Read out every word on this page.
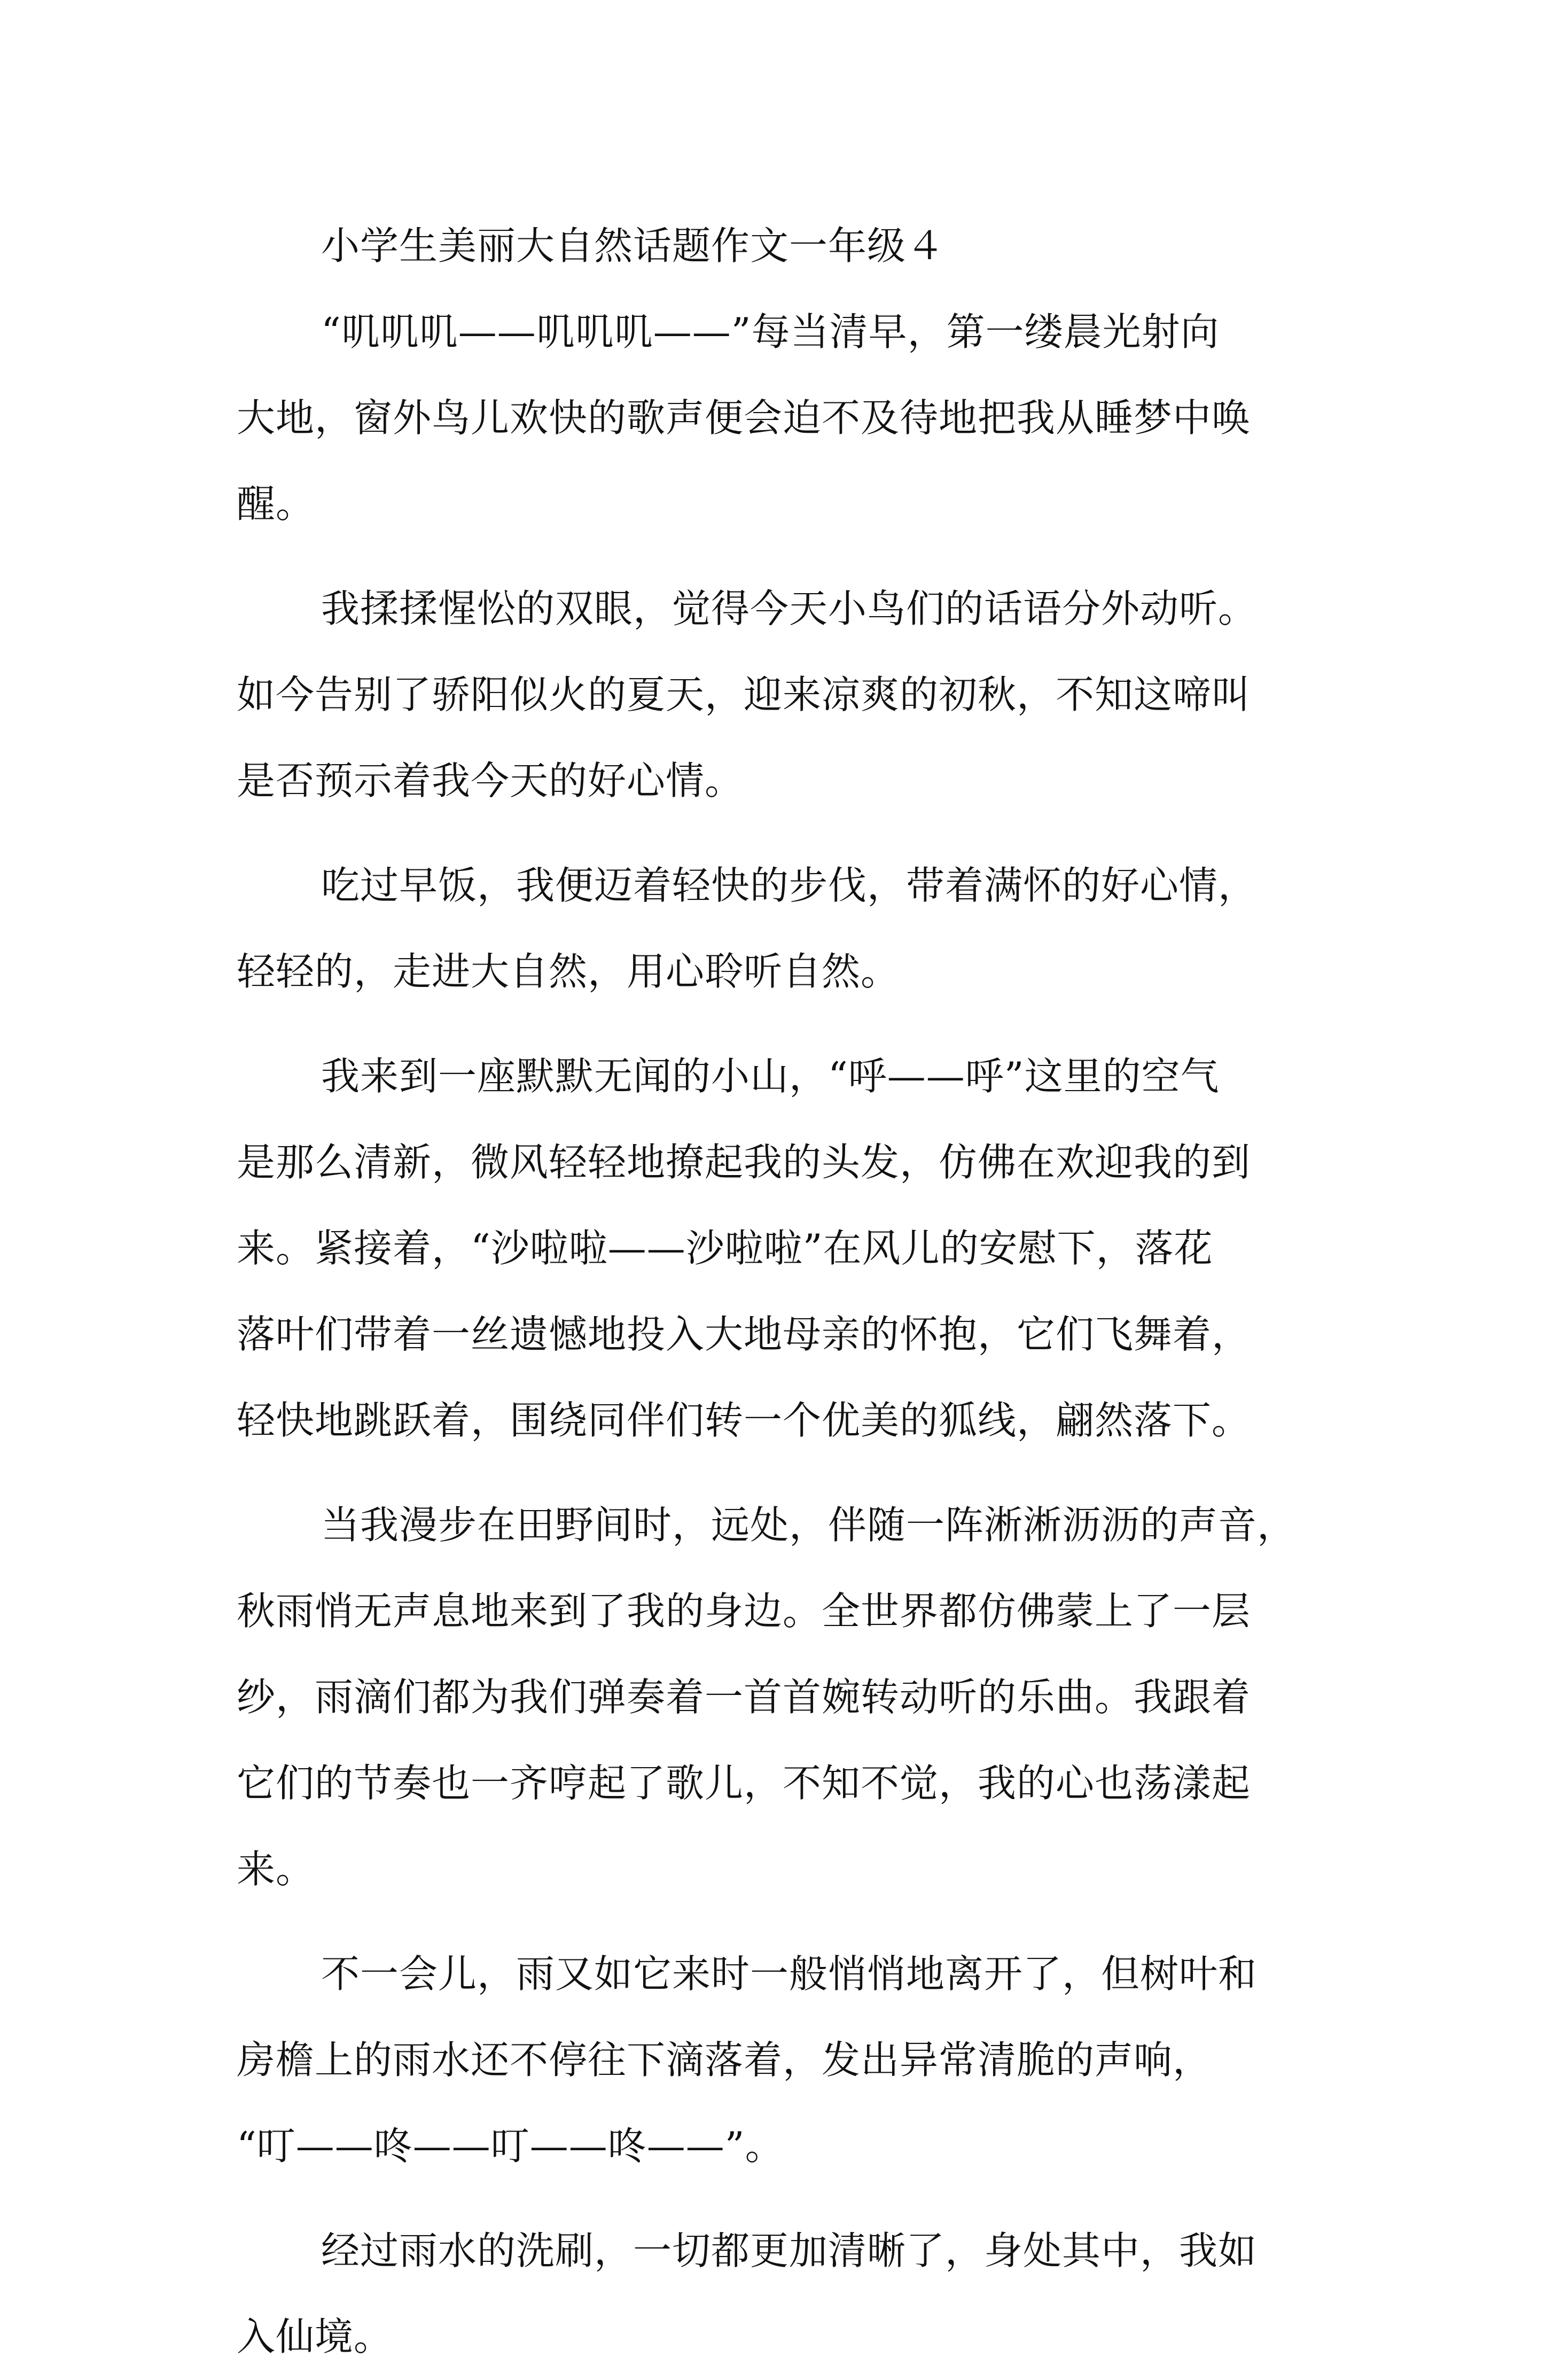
小学生美丽大自然话题作文一年级４
“叽叽叽——叽叽叽——”每当清早，第一缕晨光射向
大地，窗外鸟儿欢快的歌声便会迫不及待地把我从睡梦中唤
醒。
我揉揉惺忪的双眼，觉得今天小鸟们的话语分外动听。
如今告别了骄阳似火的夏天，迎来凉爽的初秋，不知这啼叫
是否预示着我今天的好心情。
吃过早饭，我便迈着轻快的步伐，带着满怀的好心情，
轻轻的，走进大自然，用心聆听自然。
我来到一座默默无闻的小山，“呼——呼”这里的空气
是那么清新，微风轻轻地撩起我的头发，仿佛在欢迎我的到
来。紧接着，“沙啦啦——沙啦啦”在风儿的安慰下，落花
落叶们带着一丝遗憾地投入大地母亲的怀抱，它们飞舞着，
轻快地跳跃着，围绕同伴们转一个优美的狐线，翩然落下。
当我漫步在田野间时，远处，伴随一阵淅淅沥沥的声音，
秋雨悄无声息地来到了我的身边。全世界都仿佛蒙上了一层
纱，雨滴们都为我们弹奏着一首首婉转动听的乐曲。我跟着
它们的节奏也一齐哼起了歌儿，不知不觉，我的心也荡漾起
来。
不一会儿，雨又如它来时一般悄悄地离开了，但树叶和
房檐上的雨水还不停往下滴落着，发出异常清脆的声响，
“叮——咚——叮——咚——”。
经过雨水的洗刷，一切都更加清晰了，身处其中，我如
入仙境。
